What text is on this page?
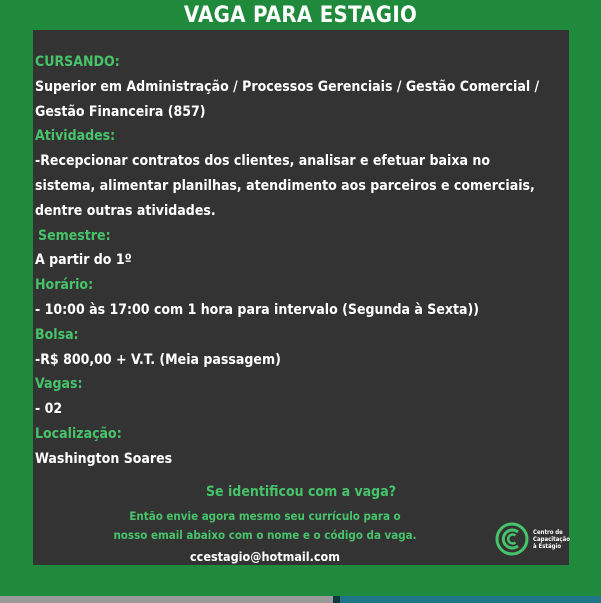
VAGA PARA ESTAGIO
CURSANDO:
Superior em Administração / Processos Gerenciais / Gestão Comercial /
Gestão Financeira (857)
Atividades:
-Recepcionar contratos dos clientes, analisar e efetuar baixa no
sistema, alimentar planilhas, atendimento aos parceiros e comerciais,
dentre outras atividades.
Semestre:
A partir do 1º
Horário:
- 10:00 às 17:00 com 1 hora para intervalo (Segunda à Sexta))
Bolsa:
-R$ 800,00 + V.T. (Meia passagem)
Vagas:
- 02
Localização:
Washington Soares
Se identificou com a vaga?
Então envie agora mesmo seu currículo para o
nosso email abaixo com o nome e o código da vaga.
ccestagio@hotmail.com
Centro de
Capacitação
à Estágio
